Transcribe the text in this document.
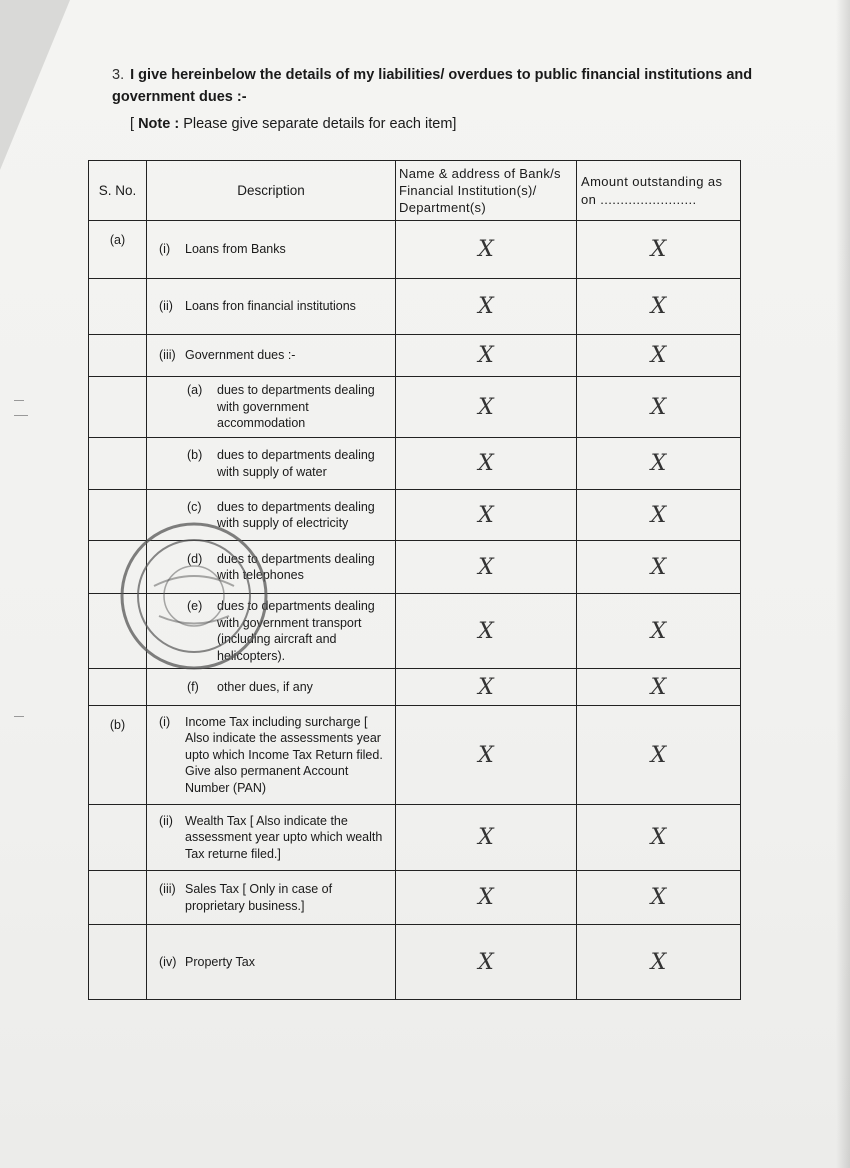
3. I give hereinbelow the details of my liabilities/ overdues to public financial institutions and government dues :-
[ Note : Please give separate details for each item]
S. No.	Description	Name & address of Bank/s Financial Institution(s)/ Department(s)	Amount outstanding as on ........................
(a)	(i) Loans from Banks	X	X

	(ii) Loans fron financial institutions	X	X

	(iii) Government dues :-	X	X

	(a) dues to departments dealing with government accommodation	X	X

	(b) dues to departments dealing with supply of water	X	X

	(c) dues to departments dealing with supply of electricity	X	X

	(d) dues to departments dealing with telephones	X	X

	(e) dues to departments dealing with government transport (including aircraft and helicopters).	X	X

	(f) other dues, if any	X	X
(b)	(i) Income Tax including surcharge [ Also indicate the assessments year upto which Income Tax Return filed. Give also permanent Account Number (PAN)	X	X

	(ii) Wealth Tax [ Also indicate the assessment year upto which wealth Tax returne filed.]	X	X

	(iii) Sales Tax [ Only in case of proprietary business.]	X	X

	(iv) Property Tax	X	X
